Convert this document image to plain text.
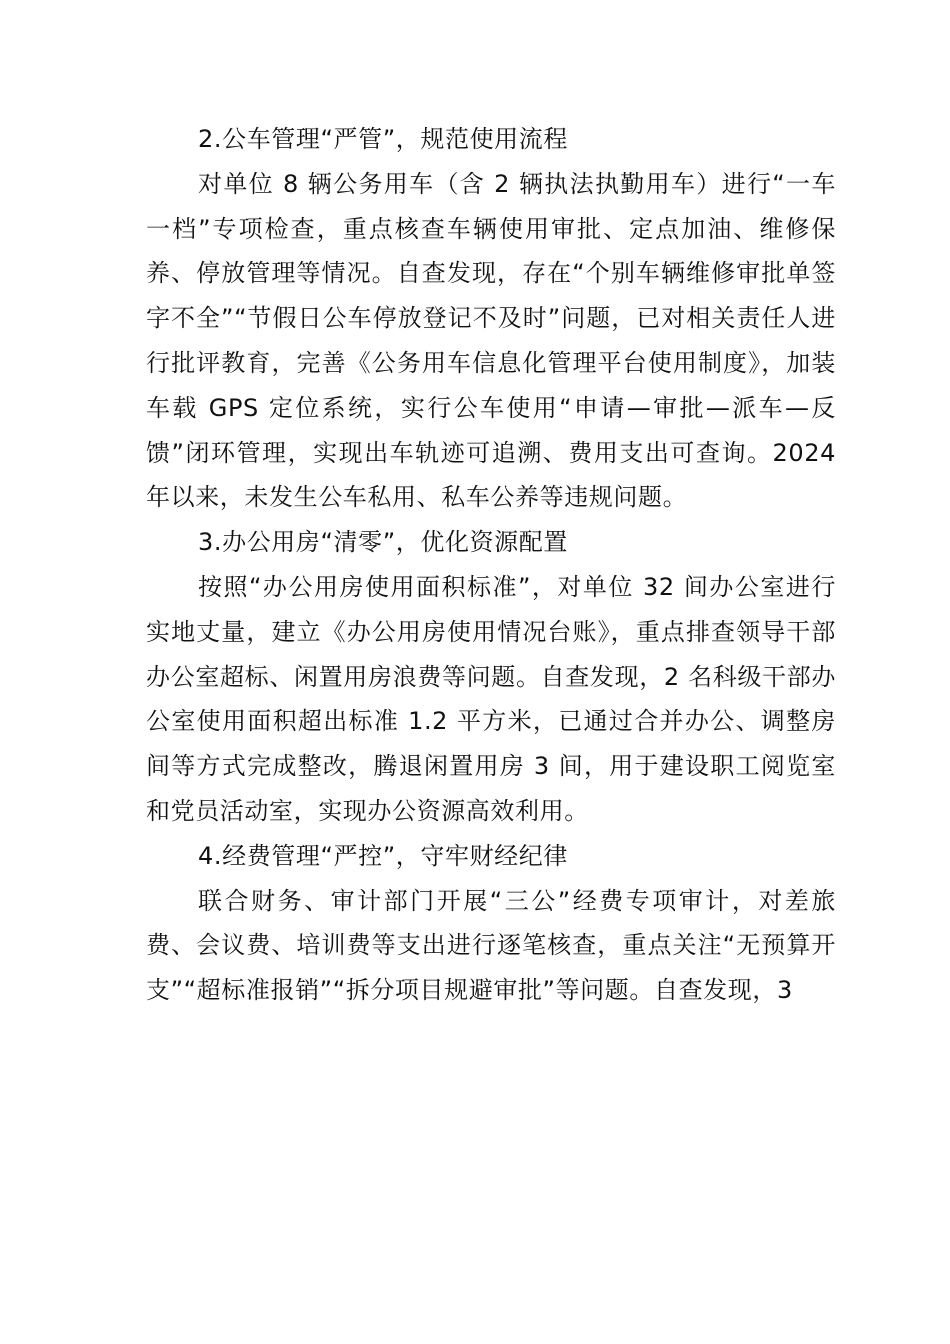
2.公车管理“严管”，规范使用流程

对单位 8 辆公务用车（含 2 辆执法执勤用车）进行“一车一档”专项检查，重点核查车辆使用审批、定点加油、维修保养、停放管理等情况。自查发现，存在“个别车辆维修审批单签字不全”“节假日公车停放登记不及时”问题，已对相关责任人进行批评教育，完善《公务用车信息化管理平台使用制度》，加装车载 GPS 定位系统，实行公车使用“申请—审批—派车—反馈”闭环管理，实现出车轨迹可追溯、费用支出可查询。2024 年以来，未发生公车私用、私车公养等违规问题。

3.办公用房“清零”，优化资源配置

按照“办公用房使用面积标准”，对单位 32 间办公室进行实地丈量，建立《办公用房使用情况台账》，重点排查领导干部办公室超标、闲置用房浪费等问题。自查发现，2 名科级干部办公室使用面积超出标准 1.2 平方米，已通过合并办公、调整房间等方式完成整改，腾退闲置用房 3 间，用于建设职工阅览室和党员活动室，实现办公资源高效利用。

4.经费管理“严控”，守牢财经纪律

联合财务、审计部门开展“三公”经费专项审计，对差旅费、会议费、培训费等支出进行逐笔核查，重点关注“无预算开支”“超标准报销”“拆分项目规避审批”等问题。自查发现，3
